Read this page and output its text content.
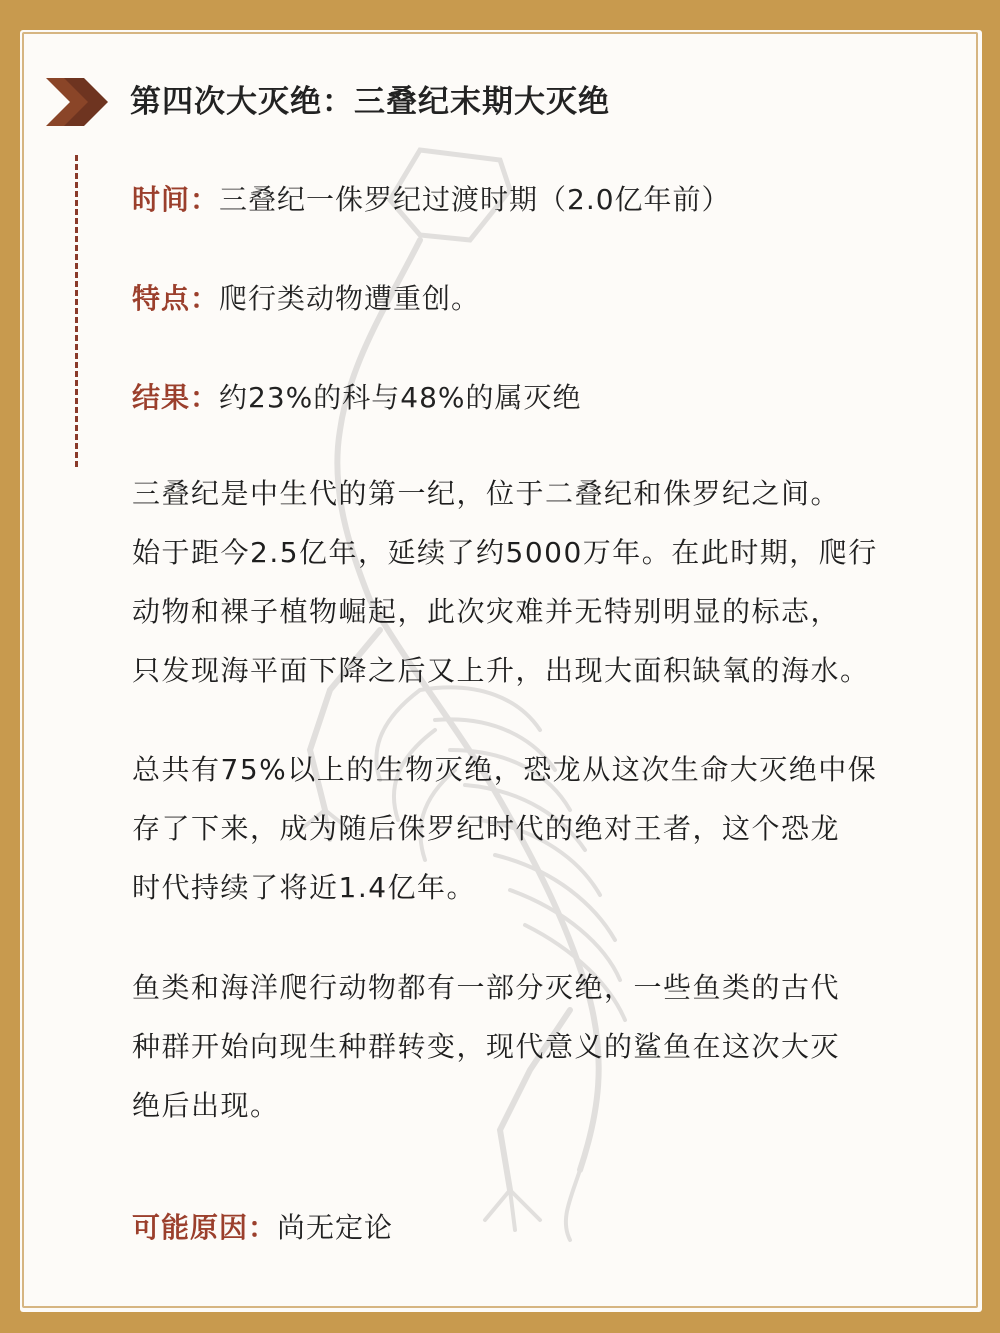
第四次大灭绝：三叠纪末期大灭绝
时间：三叠纪一侏罗纪过渡时期（2.0亿年前）
特点：爬行类动物遭重创。
结果：约23%的科与48%的属灭绝
三叠纪是中生代的第一纪，位于二叠纪和侏罗纪之间。
始于距今2.5亿年，延续了约5000万年。在此时期，爬行
动物和裸子植物崛起，此次灾难并无特别明显的标志，
只发现海平面下降之后又上升，出现大面积缺氧的海水。
总共有75%以上的生物灭绝，恐龙从这次生命大灭绝中保
存了下来，成为随后侏罗纪时代的绝对王者，这个恐龙
时代持续了将近1.4亿年。
鱼类和海洋爬行动物都有一部分灭绝，一些鱼类的古代
种群开始向现生种群转变，现代意义的鲨鱼在这次大灭
绝后出现。
可能原因：尚无定论
